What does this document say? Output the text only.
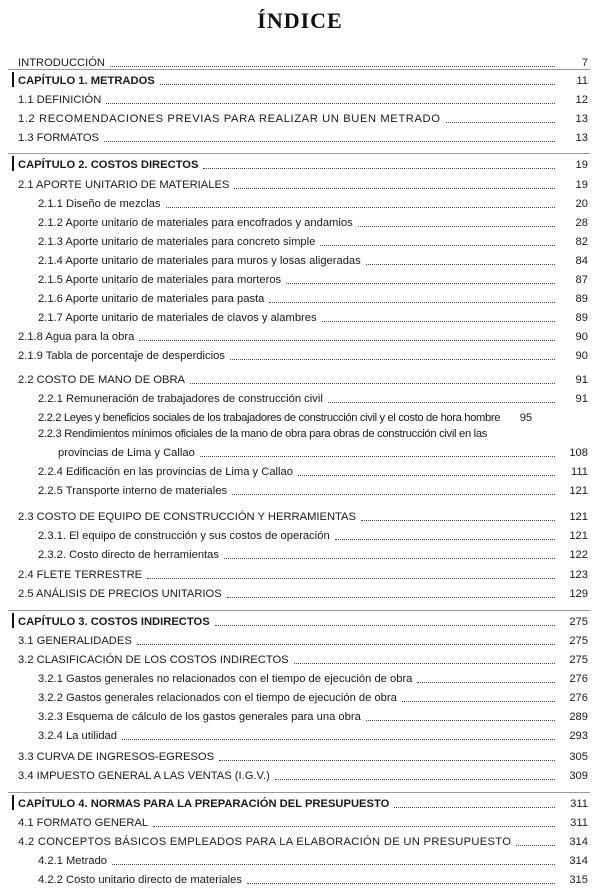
ÍNDICE
INTRODUCCIÓN	7
CAPÍTULO 1. METRADOS	11
1.1 DEFINICIÓN	12
1.2 RECOMENDACIONES PREVIAS PARA REALIZAR UN BUEN METRADO	13
1.3 FORMATOS	13
CAPÍTULO 2. COSTOS DIRECTOS	19
2.1 APORTE UNITARIO DE MATERIALES	19
2.1.1 Diseño de mezclas	20
2.1.2 Aporte unitario de materiales para encofrados y andamios	28
2.1.3 Aporte unitario de materiales para concreto simple	82
2.1.4 Aporte unitario de materiales para muros y losas aligeradas	84
2.1.5 Aporte unitario de materiales para morteros	87
2.1.6 Aporte unitario de materiales para pasta	89
2.1.7 Aporte unitario de materiales de clavos y alambres	89
2.1.8 Agua para la obra	90
2.1.9 Tabla de porcentaje de desperdicios	90
2.2 COSTO DE MANO DE OBRA	91
2.2.1 Remuneración de trabajadores de construcción civil	91
2.2.2 Leyes y beneficios sociales de los trabajadores de construcción civil y el costo de hora hombre	95
2.2.3 Rendimientos mínimos oficiales de la mano de obra para obras de construcción civil en las
provincias de Lima y Callao	108
2.2.4 Edificación en las provincias de Lima y Callao	111
2.2.5 Transporte interno de materiales	121
2.3 COSTO DE EQUIPO DE CONSTRUCCIÓN Y HERRAMIENTAS	121
2.3.1. El equipo de construcción y sus costos de operación	121
2.3.2. Costo directo de herramientas	122
2.4 FLETE TERRESTRE	123
2.5 ANÁLISIS DE PRECIOS UNITARIOS	129
CAPÍTULO 3. COSTOS INDIRECTOS	275
3.1 GENERALIDADES	275
3.2 CLASIFICACIÓN DE LOS COSTOS INDIRECTOS	275
3.2.1 Gastos generales no relacionados con el tiempo de ejecución de obra	276
3.2.2 Gastos generales relacionados con el tiempo de ejecución de obra	276
3.2.3 Esquema de cálculo de los gastos generales para una obra	289
3.2.4 La utilidad	293
3.3 CURVA DE INGRESOS-EGRESOS	305
3.4 IMPUESTO GENERAL A LAS VENTAS (I.G.V.)	309
CAPÍTULO 4. NORMAS PARA LA PREPARACIÓN DEL PRESUPUESTO	311
4.1 FORMATO GENERAL	311
4.2 CONCEPTOS BÁSICOS EMPLEADOS PARA LA ELABORACIÓN DE UN PRESUPUESTO	314
4.2.1 Metrado	314
4.2.2 Costo unitario directo de materiales	315
